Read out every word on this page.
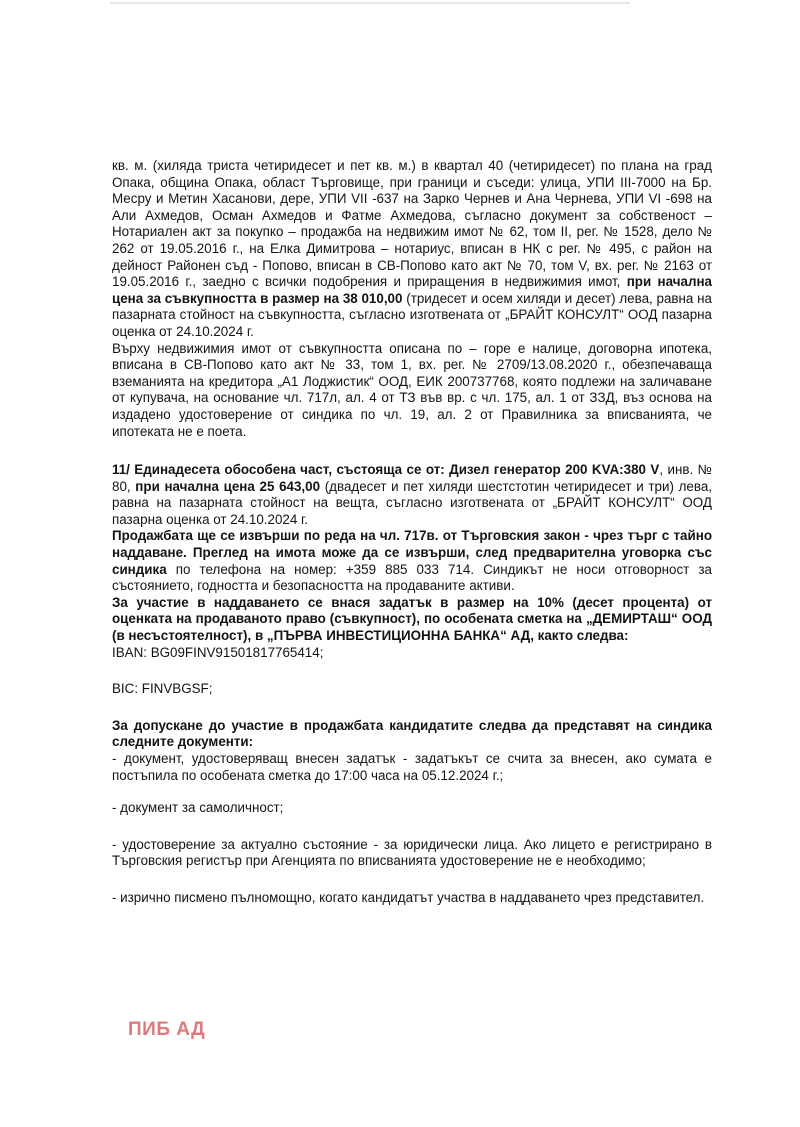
кв. м. (хиляда триста четиридесет и пет кв. м.) в квартал 40 (четиридесет) по плана на град Опака, община Опака, област Търговище, при граници и съседи: улица, УПИ III-7000 на Бр. Месру и Метин Хасанови, дере, УПИ VII -637 на Зарко Чернев и Ана Чернева, УПИ VI -698 на Али Ахмедов, Осман Ахмедов и Фатме Ахмедова, съгласно документ за собственост – Нотариален акт за покупко – продажба на недвижим имот № 62, том II, рег. № 1528, дело № 262 от 19.05.2016 г., на Елка Димитрова – нотариус, вписан в НК с рег. № 495, с район на дейност Районен съд - Попово, вписан в СВ-Попово като акт № 70, том V, вх. рег. № 2163 от 19.05.2016 г., заедно с всички подобрения и приращения в недвижимия имот, при начална цена за съвкупността в размер на 38 010,00 (тридесет и осем хиляди и десет) лева, равна на пазарната стойност на съвкупността, съгласно изготвената от „БРАЙТ КОНСУЛТ“ ООД пазарна оценка от 24.10.2024 г.

Върху недвижимия имот от съвкупността описана по – горе е налице, договорна ипотека, вписана в СВ-Попово като акт № 33, том 1, вх. рег. № 2709/13.08.2020 г., обезпечаваща вземанията на кредитора „А1 Лоджистик“ ООД, ЕИК 200737768, която подлежи на заличаване от купувача, на основание чл. 717л, ал. 4 от ТЗ във вр. с чл. 175, ал. 1 от ЗЗД, въз основа на издадено удостоверение от синдика по чл. 19, ал. 2 от Правилника за вписванията, че ипотеката не е поета.

11/ Единадесета обособена част, състояща се от: Дизел генератор 200 KVA:380 V, инв. № 80, при начална цена 25 643,00 (двадесет и пет хиляди шестстотин четиридесет и три) лева, равна на пазарната стойност на вещта, съгласно изготвената от „БРАЙТ КОНСУЛТ“ ООД пазарна оценка от 24.10.2024 г.

Продажбата ще се извърши по реда на чл. 717в. от Търговския закон - чрез търг с тайно наддаване. Преглед на имота може да се извърши, след предварителна уговорка със синдика по телефона на номер: +359 885 033 714. Синдикът не носи отговорност за състоянието, годността и безопасността на продаваните активи.

За участие в наддаването се внася задатък в размер на 10% (десет процента) от оценката на продаваното право (съвкупност), по особената сметка на „ДЕМИРТАШ“ ООД (в несъстоятелност), в „ПЪРВА ИНВЕСТИЦИОННА БАНКА“ АД, както следва:

IBAN: BG09FINV91501817765414;

BIC: FINVBGSF;

За допускане до участие в продажбата кандидатите следва да представят на синдика следните документи:

- документ, удостоверяващ внесен задатък - задатъкът се счита за внесен, ако сумата е постъпила по особената сметка до 17:00 часа на 05.12.2024 г.;

- документ за самоличност;

- удостоверение за актуално състояние - за юридически лица. Ако лицето е регистрирано в Търговския регистър при Агенцията по вписванията удостоверение не е необходимо;

- изрично писмено пълномощно, когато кандидатът участва в наддаването чрез представител.

ПИБ АД
